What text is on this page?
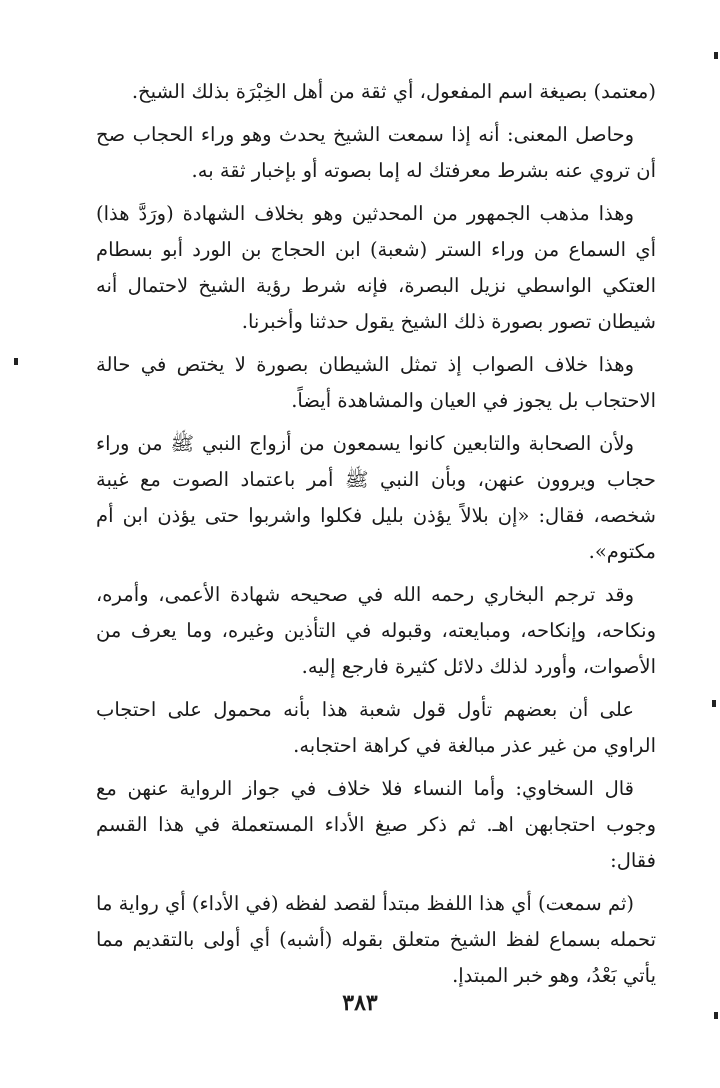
(معتمد) بصيغة اسم المفعول، أي ثقة من أهل الخِبْرَة بذلك الشيخ.

وحاصل المعنى: أنه إذا سمعت الشيخ يحدث وهو وراء الحجاب صح أن تروي عنه بشرط معرفتك له إما بصوته أو بإخبار ثقة به.

وهذا مذهب الجمهور من المحدثين وهو بخلاف الشهادة (ورَدَّ هذا) أي السماع من وراء الستر (شعبة) ابن الحجاج بن الورد أبو بسطام العتكي الواسطي نزيل البصرة، فإنه شرط رؤية الشيخ لاحتمال أنه شيطان تصور بصورة ذلك الشيخ يقول حدثنا وأخبرنا.

وهذا خلاف الصواب إذ تمثل الشيطان بصورة لا يختص في حالة الاحتجاب بل يجوز في العيان والمشاهدة أيضاً.

ولأن الصحابة والتابعين كانوا يسمعون من أزواج النبي ﷺ من وراء حجاب ويروون عنهن، وبأن النبي ﷺ أمر باعتماد الصوت مع غيبة شخصه، فقال: «إن بلالاً يؤذن بليل فكلوا واشربوا حتى يؤذن ابن أم مكتوم».

وقد ترجم البخاري رحمه الله في صحيحه شهادة الأعمى، وأمره، ونكاحه، وإنكاحه، ومبايعته، وقبوله في التأذين وغيره، وما يعرف من الأصوات، وأورد لذلك دلائل كثيرة فارجع إليه.

على أن بعضهم تأول قول شعبة هذا بأنه محمول على احتجاب الراوي من غير عذر مبالغة في كراهة احتجابه.

قال السخاوي: وأما النساء فلا خلاف في جواز الرواية عنهن مع وجوب احتجابهن اهـ. ثم ذكر صيغ الأداء المستعملة في هذا القسم فقال:

(ثم سمعت) أي هذا اللفظ مبتدأ لقصد لفظه (في الأداء) أي رواية ما تحمله بسماع لفظ الشيخ متعلق بقوله (أشبه) أي أولى بالتقديم مما يأتي بَعْدُ، وهو خبر المبتدإ.

٣٨٣
